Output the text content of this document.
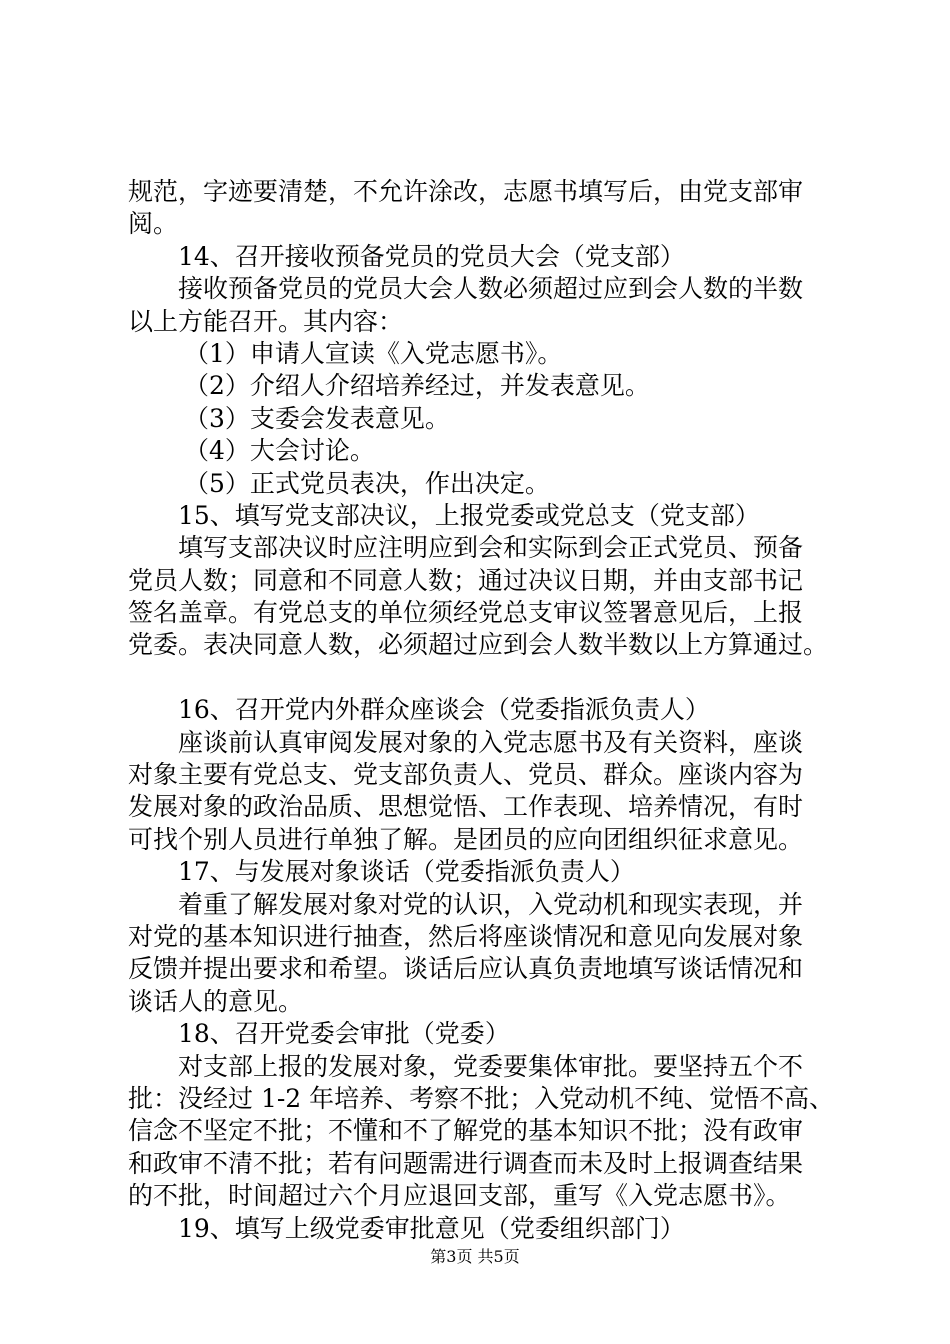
规范，字迹要清楚，不允许涂改，志愿书填写后，由党支部审
阅。
14、召开接收预备党员的党员大会（党支部）
接收预备党员的党员大会人数必须超过应到会人数的半数
以上方能召开。其内容：
（1）申请人宣读《入党志愿书》。
（2）介绍人介绍培养经过，并发表意见。
（3）支委会发表意见。
（4）大会讨论。
（5）正式党员表决，作出决定。
15、填写党支部决议，上报党委或党总支（党支部）
填写支部决议时应注明应到会和实际到会正式党员、预备
党员人数；同意和不同意人数；通过决议日期，并由支部书记
签名盖章。有党总支的单位须经党总支审议签署意见后，上报
党委。表决同意人数，必须超过应到会人数半数以上方算通过。
16、召开党内外群众座谈会（党委指派负责人）
座谈前认真审阅发展对象的入党志愿书及有关资料，座谈
对象主要有党总支、党支部负责人、党员、群众。座谈内容为
发展对象的政治品质、思想觉悟、工作表现、培养情况，有时
可找个别人员进行单独了解。是团员的应向团组织征求意见。
17、与发展对象谈话（党委指派负责人）
着重了解发展对象对党的认识，入党动机和现实表现，并
对党的基本知识进行抽查，然后将座谈情况和意见向发展对象
反馈并提出要求和希望。谈话后应认真负责地填写谈话情况和
谈话人的意见。
18、召开党委会审批（党委）
对支部上报的发展对象，党委要集体审批。要坚持五个不
批：没经过 1-2 年培养、考察不批；入党动机不纯、觉悟不高、
信念不坚定不批；不懂和不了解党的基本知识不批；没有政审
和政审不清不批；若有问题需进行调查而未及时上报调查结果
的不批，时间超过六个月应退回支部，重写《入党志愿书》。
19、填写上级党委审批意见（党委组织部门）
第3页 共5页
